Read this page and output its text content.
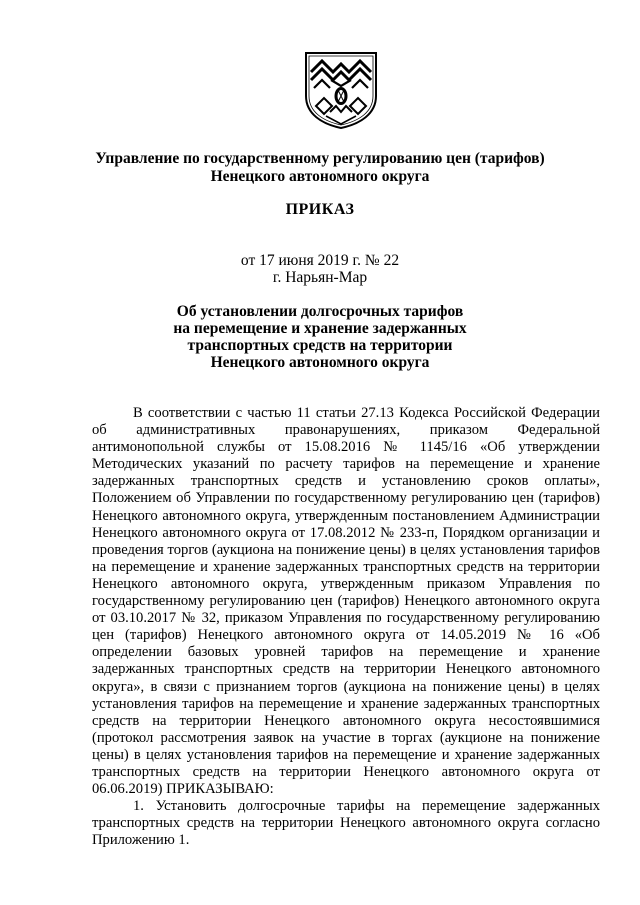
Управление по государственному регулированию цен (тарифов)
Ненецкого автономного округа
ПРИКАЗ
от 17 июня 2019 г. № 22
г. Нарьян-Мар
Об установлении долгосрочных тарифов
на перемещение и хранение задержанных
транспортных средств на территории
Ненецкого автономного округа

В соответствии с частью 11 статьи 27.13 Кодекса Российской Федерации об административных правонарушениях, приказом Федеральной антимонопольной службы от 15.08.2016 № 1145/16 «Об утверждении Методических указаний по расчету тарифов на перемещение и хранение задержанных транспортных средств и установлению сроков оплаты», Положением об Управлении по государственному регулированию цен (тарифов) Ненецкого автономного округа, утвержденным постановлением Администрации Ненецкого автономного округа от 17.08.2012 № 233-п, Порядком организации и проведения торгов (аукциона на понижение цены) в целях установления тарифов на перемещение и хранение задержанных транспортных средств на территории Ненецкого автономного округа, утвержденным приказом Управления по государственному регулированию цен (тарифов) Ненецкого автономного округа от 03.10.2017 № 32, приказом Управления по государственному регулированию цен (тарифов) Ненецкого автономного округа от 14.05.2019 № 16 «Об определении базовых уровней тарифов на перемещение и хранение задержанных транспортных средств на территории Ненецкого автономного округа», в связи с признанием торгов (аукциона на понижение цены) в целях установления тарифов на перемещение и хранение задержанных транспортных средств на территории Ненецкого автономного округа несостоявшимися (протокол рассмотрения заявок на участие в торгах (аукционе на понижение цены) в целях установления тарифов на перемещение и хранение задержанных транспортных средств на территории Ненецкого автономного округа от 06.06.2019) ПРИКАЗЫВАЮ:

1. Установить долгосрочные тарифы на перемещение задержанных транспортных средств на территории Ненецкого автономного округа согласно Приложению 1.
